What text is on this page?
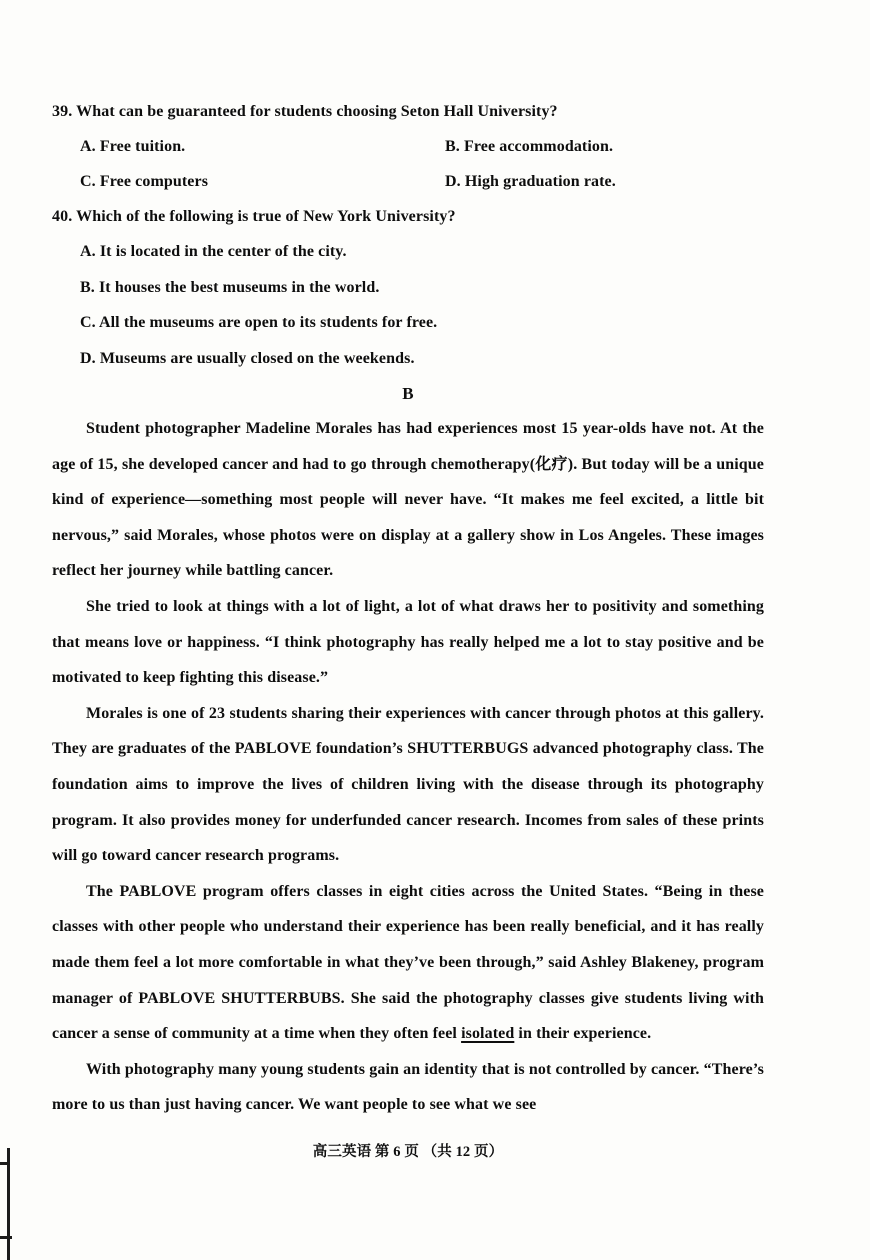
39. What can be guaranteed for students choosing Seton Hall University?
A. Free tuition.	B. Free accommodation.
C. Free computers	D. High graduation rate.
40. Which of the following is true of New York University?
A. It is located in the center of the city.
B. It houses the best museums in the world.
C. All the museums are open to its students for free.
D. Museums are usually closed on the weekends.
B

Student photographer Madeline Morales has had experiences most 15 year-olds have not. At the age of 15, she developed cancer and had to go through chemotherapy(化疗). But today will be a unique kind of experience—something most people will never have. “It makes me feel excited, a little bit nervous,” said Morales, whose photos were on display at a gallery show in Los Angeles. These images reflect her journey while battling cancer.

She tried to look at things with a lot of light, a lot of what draws her to positivity and something that means love or happiness. “I think photography has really helped me a lot to stay positive and be motivated to keep fighting this disease.”

Morales is one of 23 students sharing their experiences with cancer through photos at this gallery. They are graduates of the PABLOVE foundation’s SHUTTERBUGS advanced photography class. The foundation aims to improve the lives of children living with the disease through its photography program. It also provides money for underfunded cancer research. Incomes from sales of these prints will go toward cancer research programs.

The PABLOVE program offers classes in eight cities across the United States. “Being in these classes with other people who understand their experience has been really beneficial, and it has really made them feel a lot more comfortable in what they’ve been through,” said Ashley Blakeney, program manager of PABLOVE SHUTTERBUBS. She said the photography classes give students living with cancer a sense of community at a time when they often feel isolated in their experience.

With photography many young students gain an identity that is not controlled by cancer. “There’s more to us than just having cancer. We want people to see what we see

高三英语 第 6 页 （共 12 页）
